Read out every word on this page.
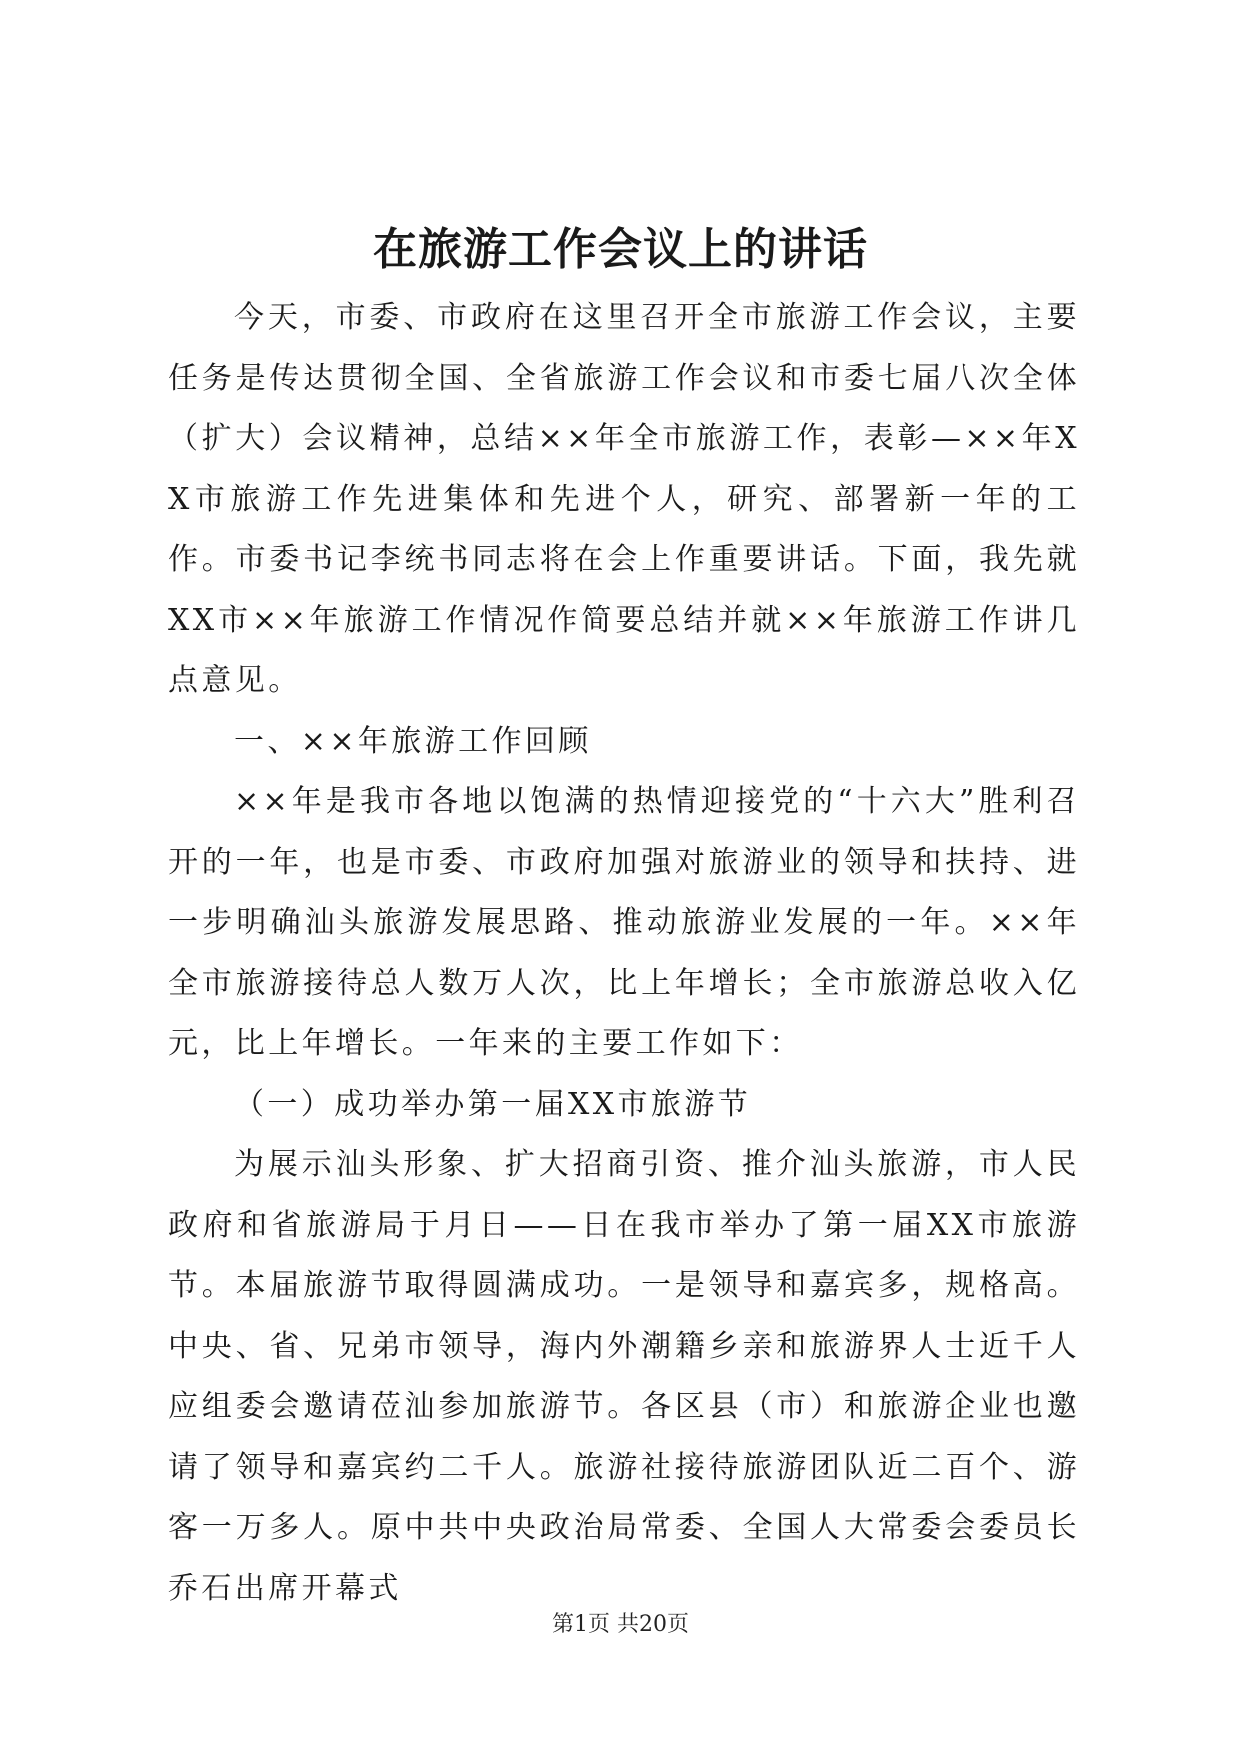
在旅游工作会议上的讲话

今天，市委、市政府在这里召开全市旅游工作会议，主要任务是传达贯彻全国、全省旅游工作会议和市委七届八次全体（扩大）会议精神，总结××年全市旅游工作，表彰—××年XX市旅游工作先进集体和先进个人，研究、部署新一年的工作。市委书记李统书同志将在会上作重要讲话。下面，我先就XX市××年旅游工作情况作简要总结并就××年旅游工作讲几点意见。

一、××年旅游工作回顾

××年是我市各地以饱满的热情迎接党的“十六大”胜利召开的一年，也是市委、市政府加强对旅游业的领导和扶持、进一步明确汕头旅游发展思路、推动旅游业发展的一年。××年全市旅游接待总人数万人次，比上年增长；全市旅游总收入亿元，比上年增长。一年来的主要工作如下：

（一）成功举办第一届XX市旅游节

为展示汕头形象、扩大招商引资、推介汕头旅游，市人民政府和省旅游局于月日——日在我市举办了第一届XX市旅游节。本届旅游节取得圆满成功。一是领导和嘉宾多，规格高。中央、省、兄弟市领导，海内外潮籍乡亲和旅游界人士近千人应组委会邀请莅汕参加旅游节。各区县（市）和旅游企业也邀请了领导和嘉宾约二千人。旅游社接待旅游团队近二百个、游客一万多人。原中共中央政治局常委、全国人大常委会委员长乔石出席开幕式

第1页 共20页
